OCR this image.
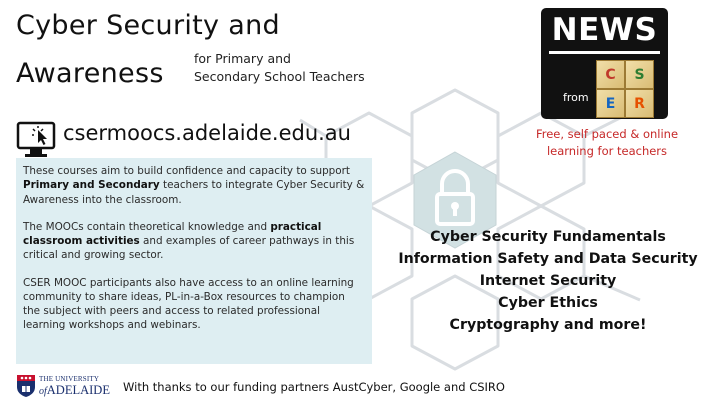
Cyber Security and
Awareness for Primary and
Secondary School Teachers
NEWS
from
C	S
E	R
Free, self paced & online
learning for teachers
csermoocs.adelaide.edu.au

These courses aim to build confidence and capacity to support Primary and Secondary teachers to integrate Cyber Security & Awareness into the classroom.

The MOOCs contain theoretical knowledge and practical classroom activities and examples of career pathways in this critical and growing sector.

CSER MOOC participants also have access to an online learning community to share ideas, PL-in-a-Box resources to champion the subject with peers and access to related professional learning workshops and webinars.

Cyber Security Fundamentals
Information Safety and Data Security
Internet Security
Cyber Ethics
Cryptography and more!
THE UNIVERSITY
ofADELAIDE With thanks to our funding partners AustCyber, Google and CSIRO
